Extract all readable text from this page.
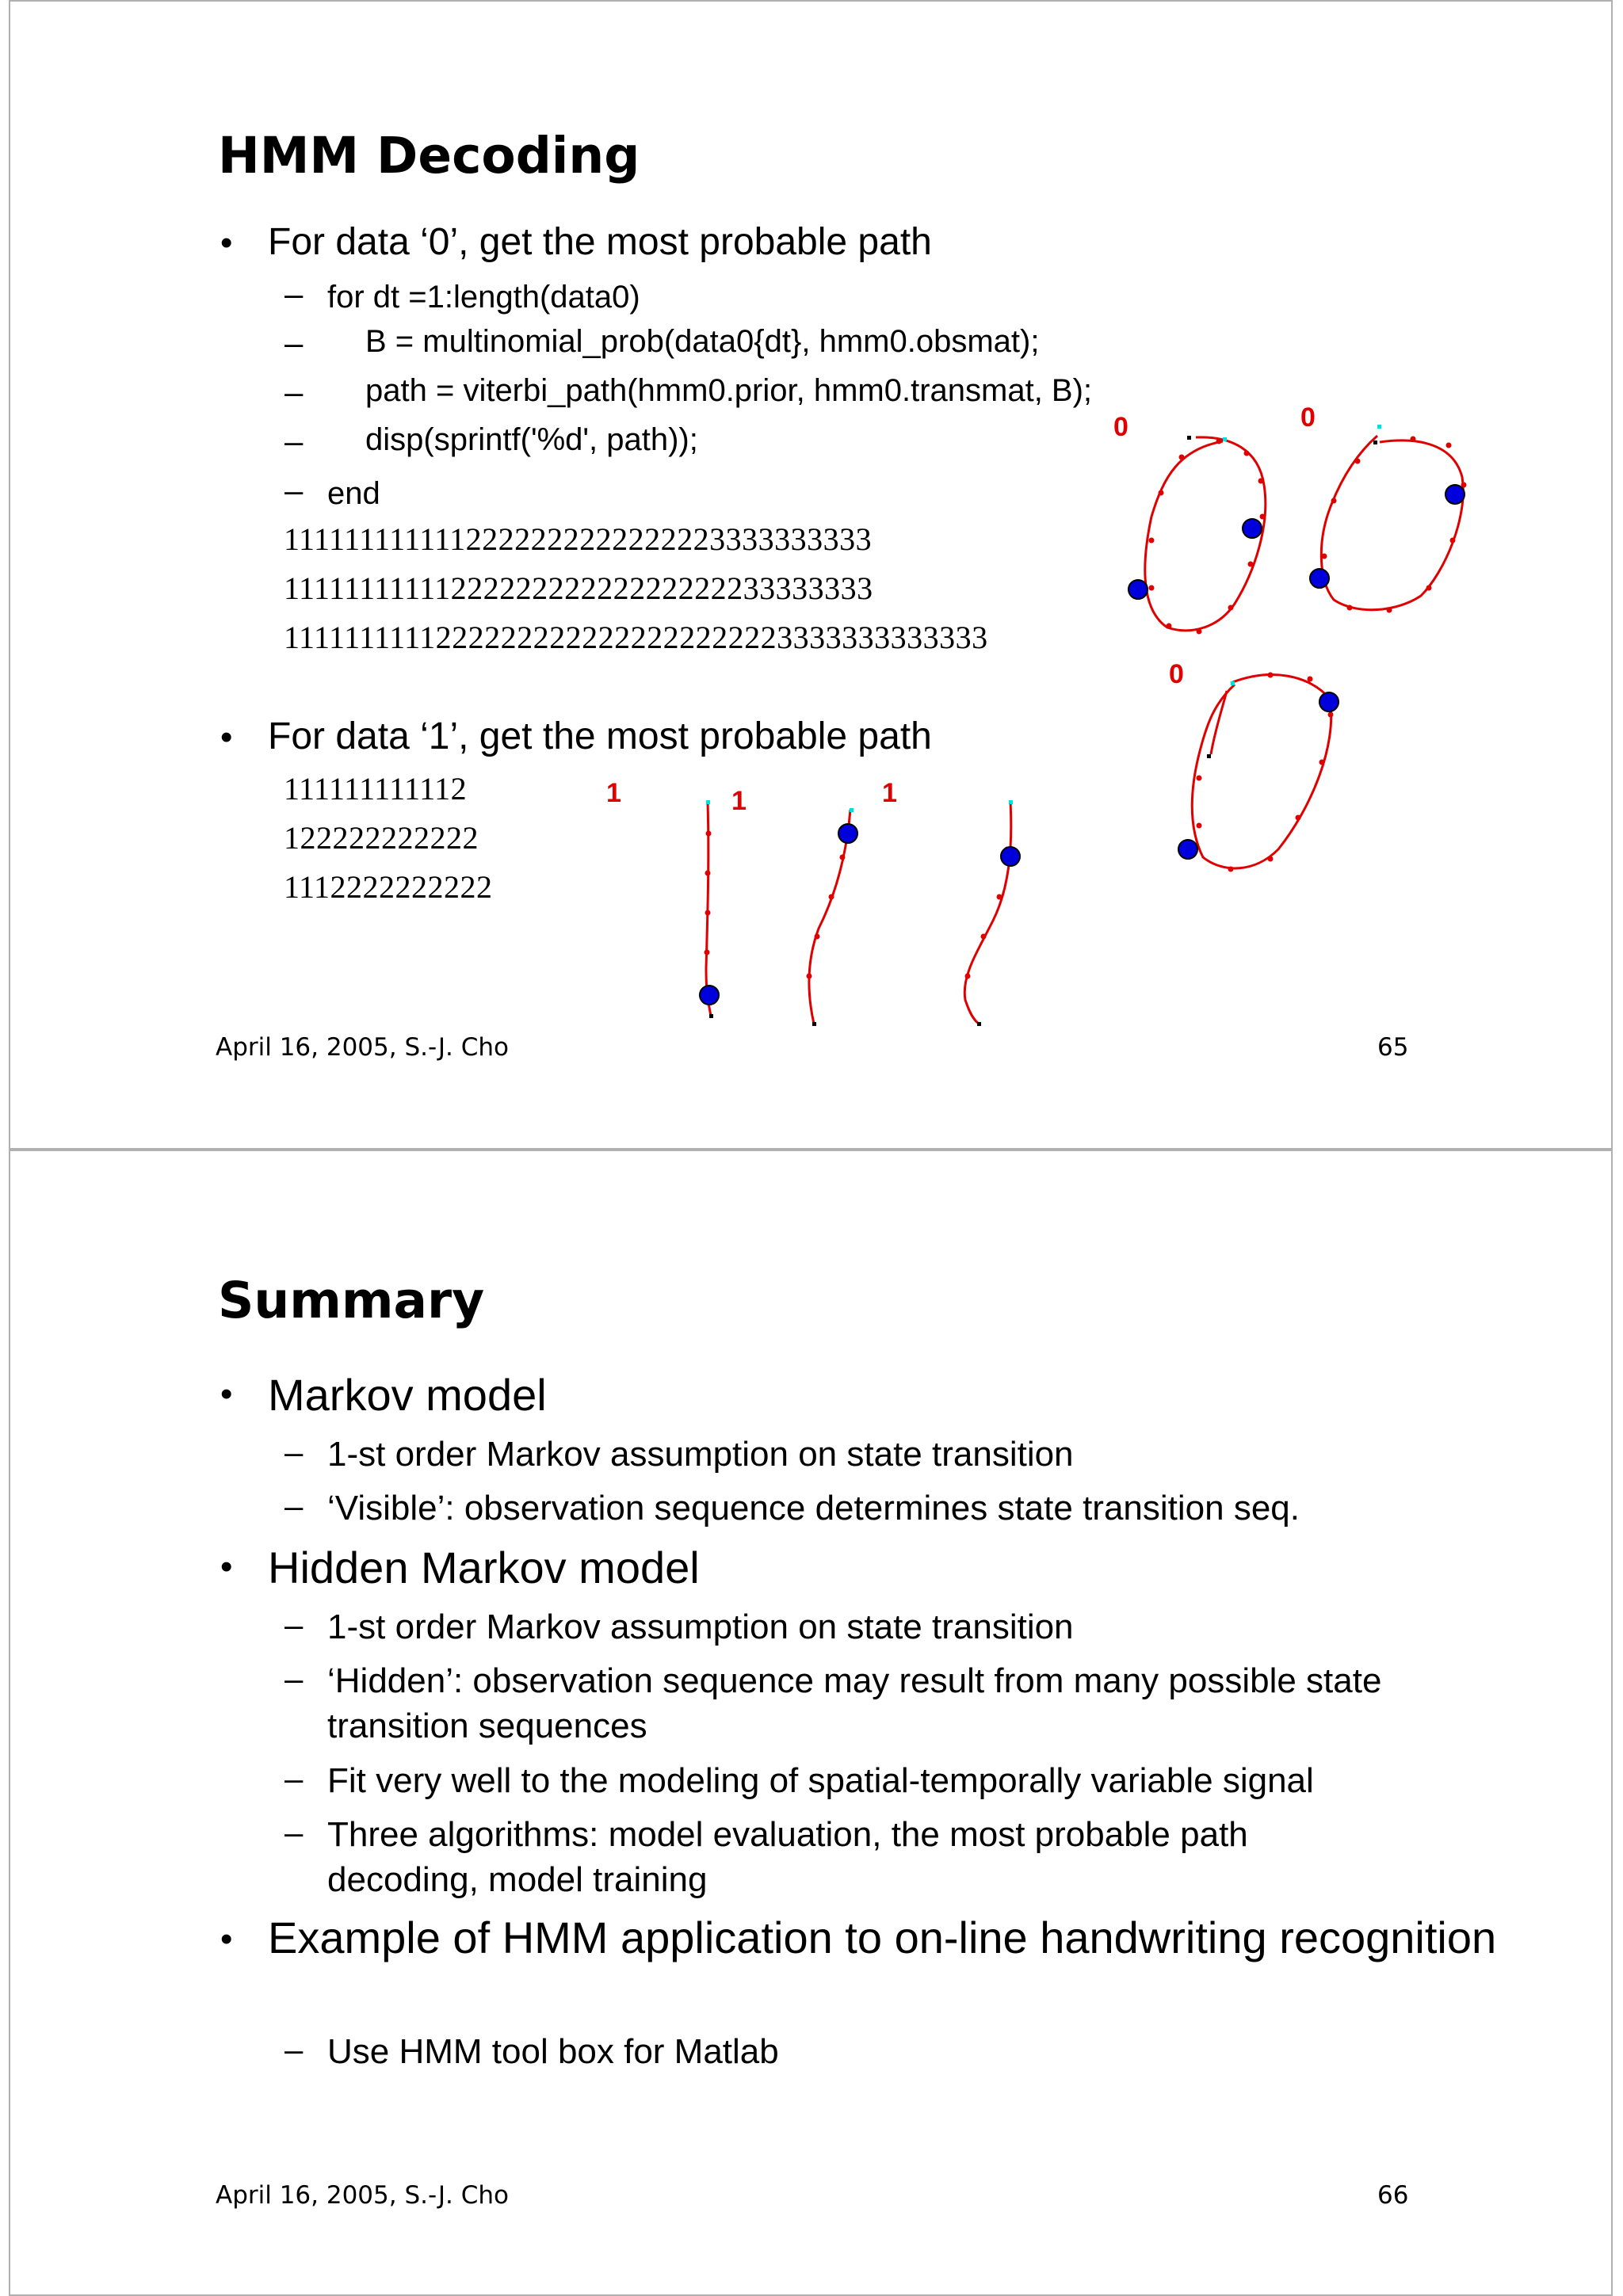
HMM Decoding
• For data ‘0’, get the most probable path
– for dt =1:length(data0)
– B = multinomial_prob(data0{dt}, hmm0.obsmat);
– path = viterbi_path(hmm0.prior, hmm0.transmat, B);
– disp(sprintf('%d', path));
– end
1111111111112222222222222223333333333
1111111111122222222222222222233333333
11111111112222222222222222222223333333333333
• For data ‘1’, get the most probable path
111111111112
122222222222
1112222222222
0	0
0
1	1	1
April 16, 2005, S.-J. Cho	65
Summary
• Markov model
– 1-st order Markov assumption on state transition
– ‘Visible’: observation sequence determines state transition seq.
• Hidden Markov model
– 1-st order Markov assumption on state transition
– ‘Hidden’: observation sequence may result from many possible state transition sequences
– Fit very well to the modeling of spatial-temporally variable signal
– Three algorithms: model evaluation, the most probable path decoding, model training
• Example of HMM application to on-line handwriting recognition
– Use HMM tool box for Matlab
April 16, 2005, S.-J. Cho	66
